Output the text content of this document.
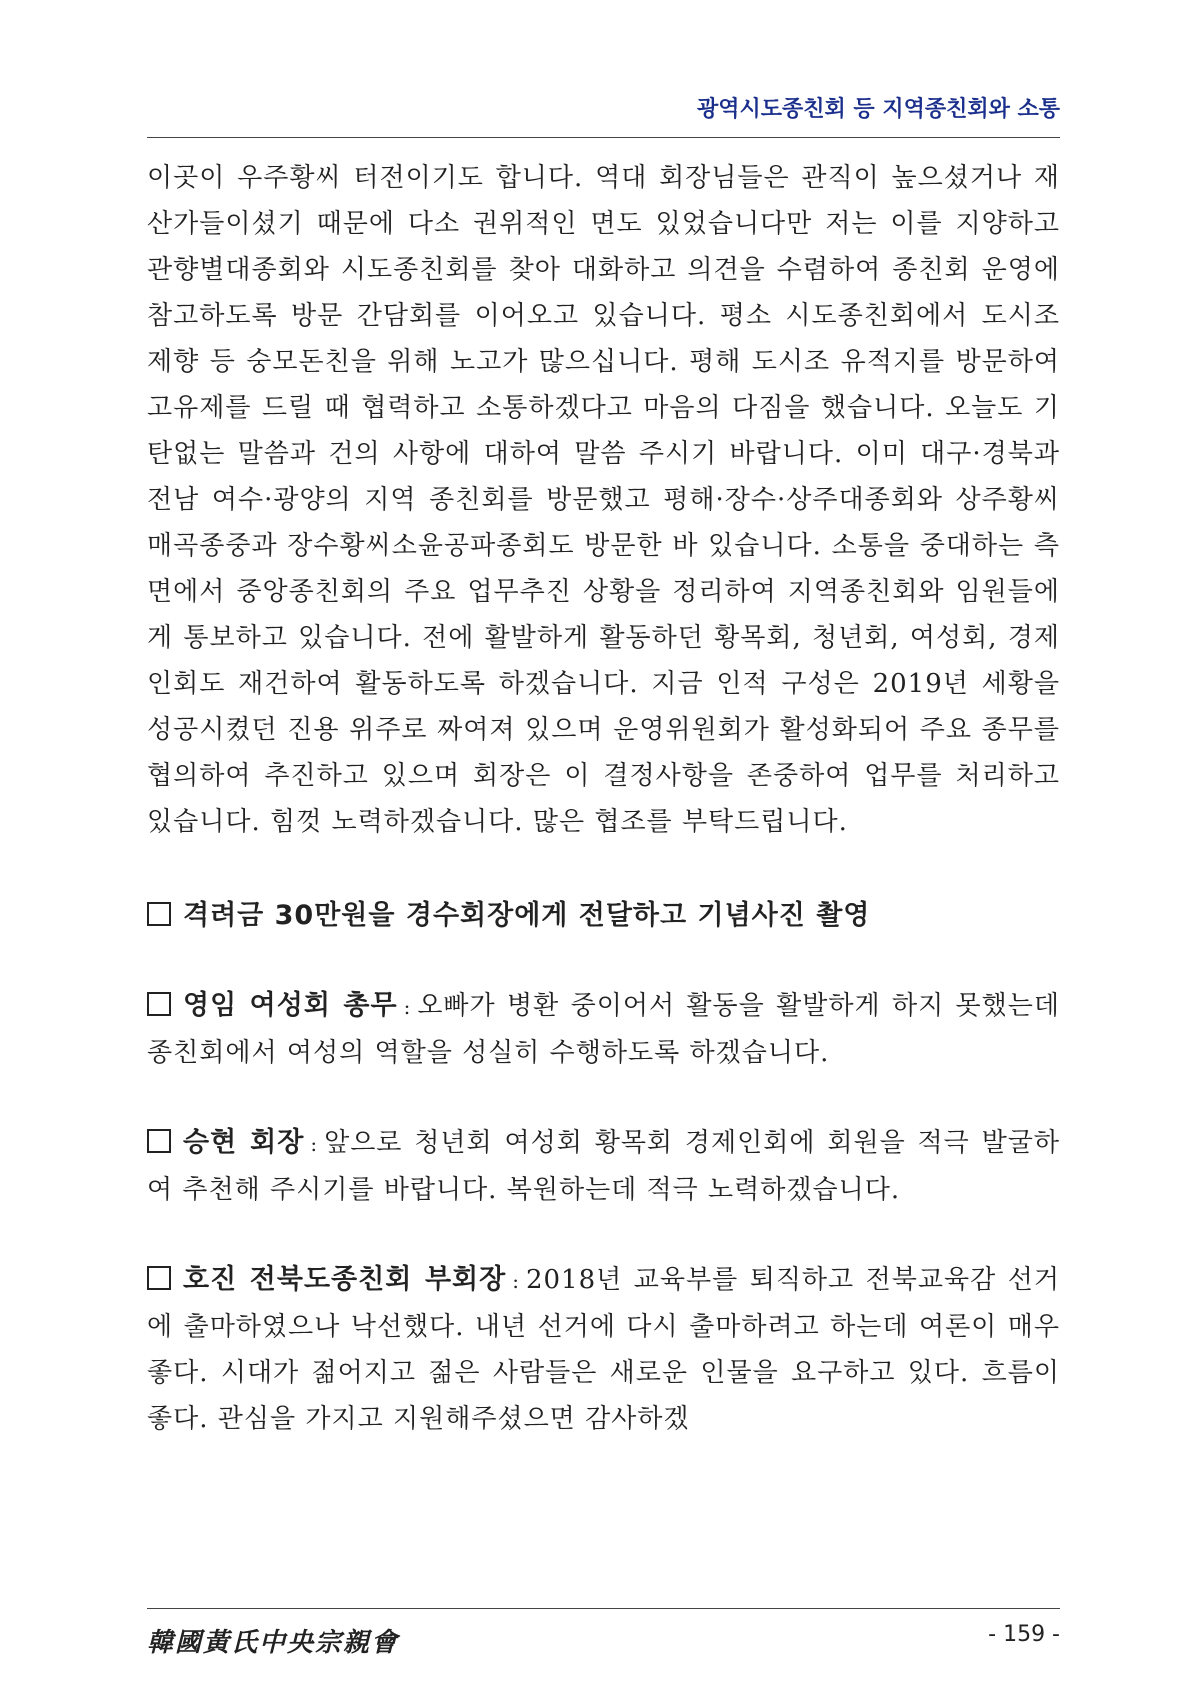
광역시도종친회 등 지역종친회와 소통

이곳이 우주황씨 터전이기도 합니다. 역대 회장님들은 관직이 높으셨거나 재산가들이셨기 때문에 다소 권위적인 면도 있었습니다만 저는 이를 지양하고 관향별대종회와 시도종친회를 찾아 대화하고 의견을 수렴하여 종친회 운영에 참고하도록 방문 간담회를 이어오고 있습니다. 평소 시도종친회에서 도시조 제향 등 숭모돈친을 위해 노고가 많으십니다. 평해 도시조 유적지를 방문하여 고유제를 드릴 때 협력하고 소통하겠다고 마음의 다짐을 했습니다. 오늘도 기탄없는 말씀과 건의 사항에 대하여 말씀 주시기 바랍니다. 이미 대구·경북과 전남 여수·광양의 지역 종친회를 방문했고 평해·장수·상주대종회와 상주황씨매곡종중과 장수황씨소윤공파종회도 방문한 바 있습니다. 소통을 중대하는 측면에서 중앙종친회의 주요 업무추진 상황을 정리하여 지역종친회와 임원들에게 통보하고 있습니다. 전에 활발하게 활동하던 황목회, 청년회, 여성회, 경제인회도 재건하여 활동하도록 하겠습니다. 지금 인적 구성은 2019년 세황을 성공시켰던 진용 위주로 짜여져 있으며 운영위원회가 활성화되어 주요 종무를 협의하여 추진하고 있으며 회장은 이 결정사항을 존중하여 업무를 처리하고 있습니다. 힘껏 노력하겠습니다. 많은 협조를 부탁드립니다.

격려금 30만원을 경수회장에게 전달하고 기념사진 촬영

영임 여성회 총무 : 오빠가 병환 중이어서 활동을 활발하게 하지 못했는데 종친회에서 여성의 역할을 성실히 수행하도록 하겠습니다.

승현 회장 : 앞으로 청년회 여성회 황목회 경제인회에 회원을 적극 발굴하여 추천해 주시기를 바랍니다. 복원하는데 적극 노력하겠습니다.

호진 전북도종친회 부회장 : 2018년 교육부를 퇴직하고 전북교육감 선거에 출마하였으나 낙선했다. 내년 선거에 다시 출마하려고 하는데 여론이 매우 좋다. 시대가 젊어지고 젊은 사람들은 새로운 인물을 요구하고 있다. 흐름이 좋다. 관심을 가지고 지원해주셨으면 감사하겠

韓國黃氏中央宗親會	- 159 -
